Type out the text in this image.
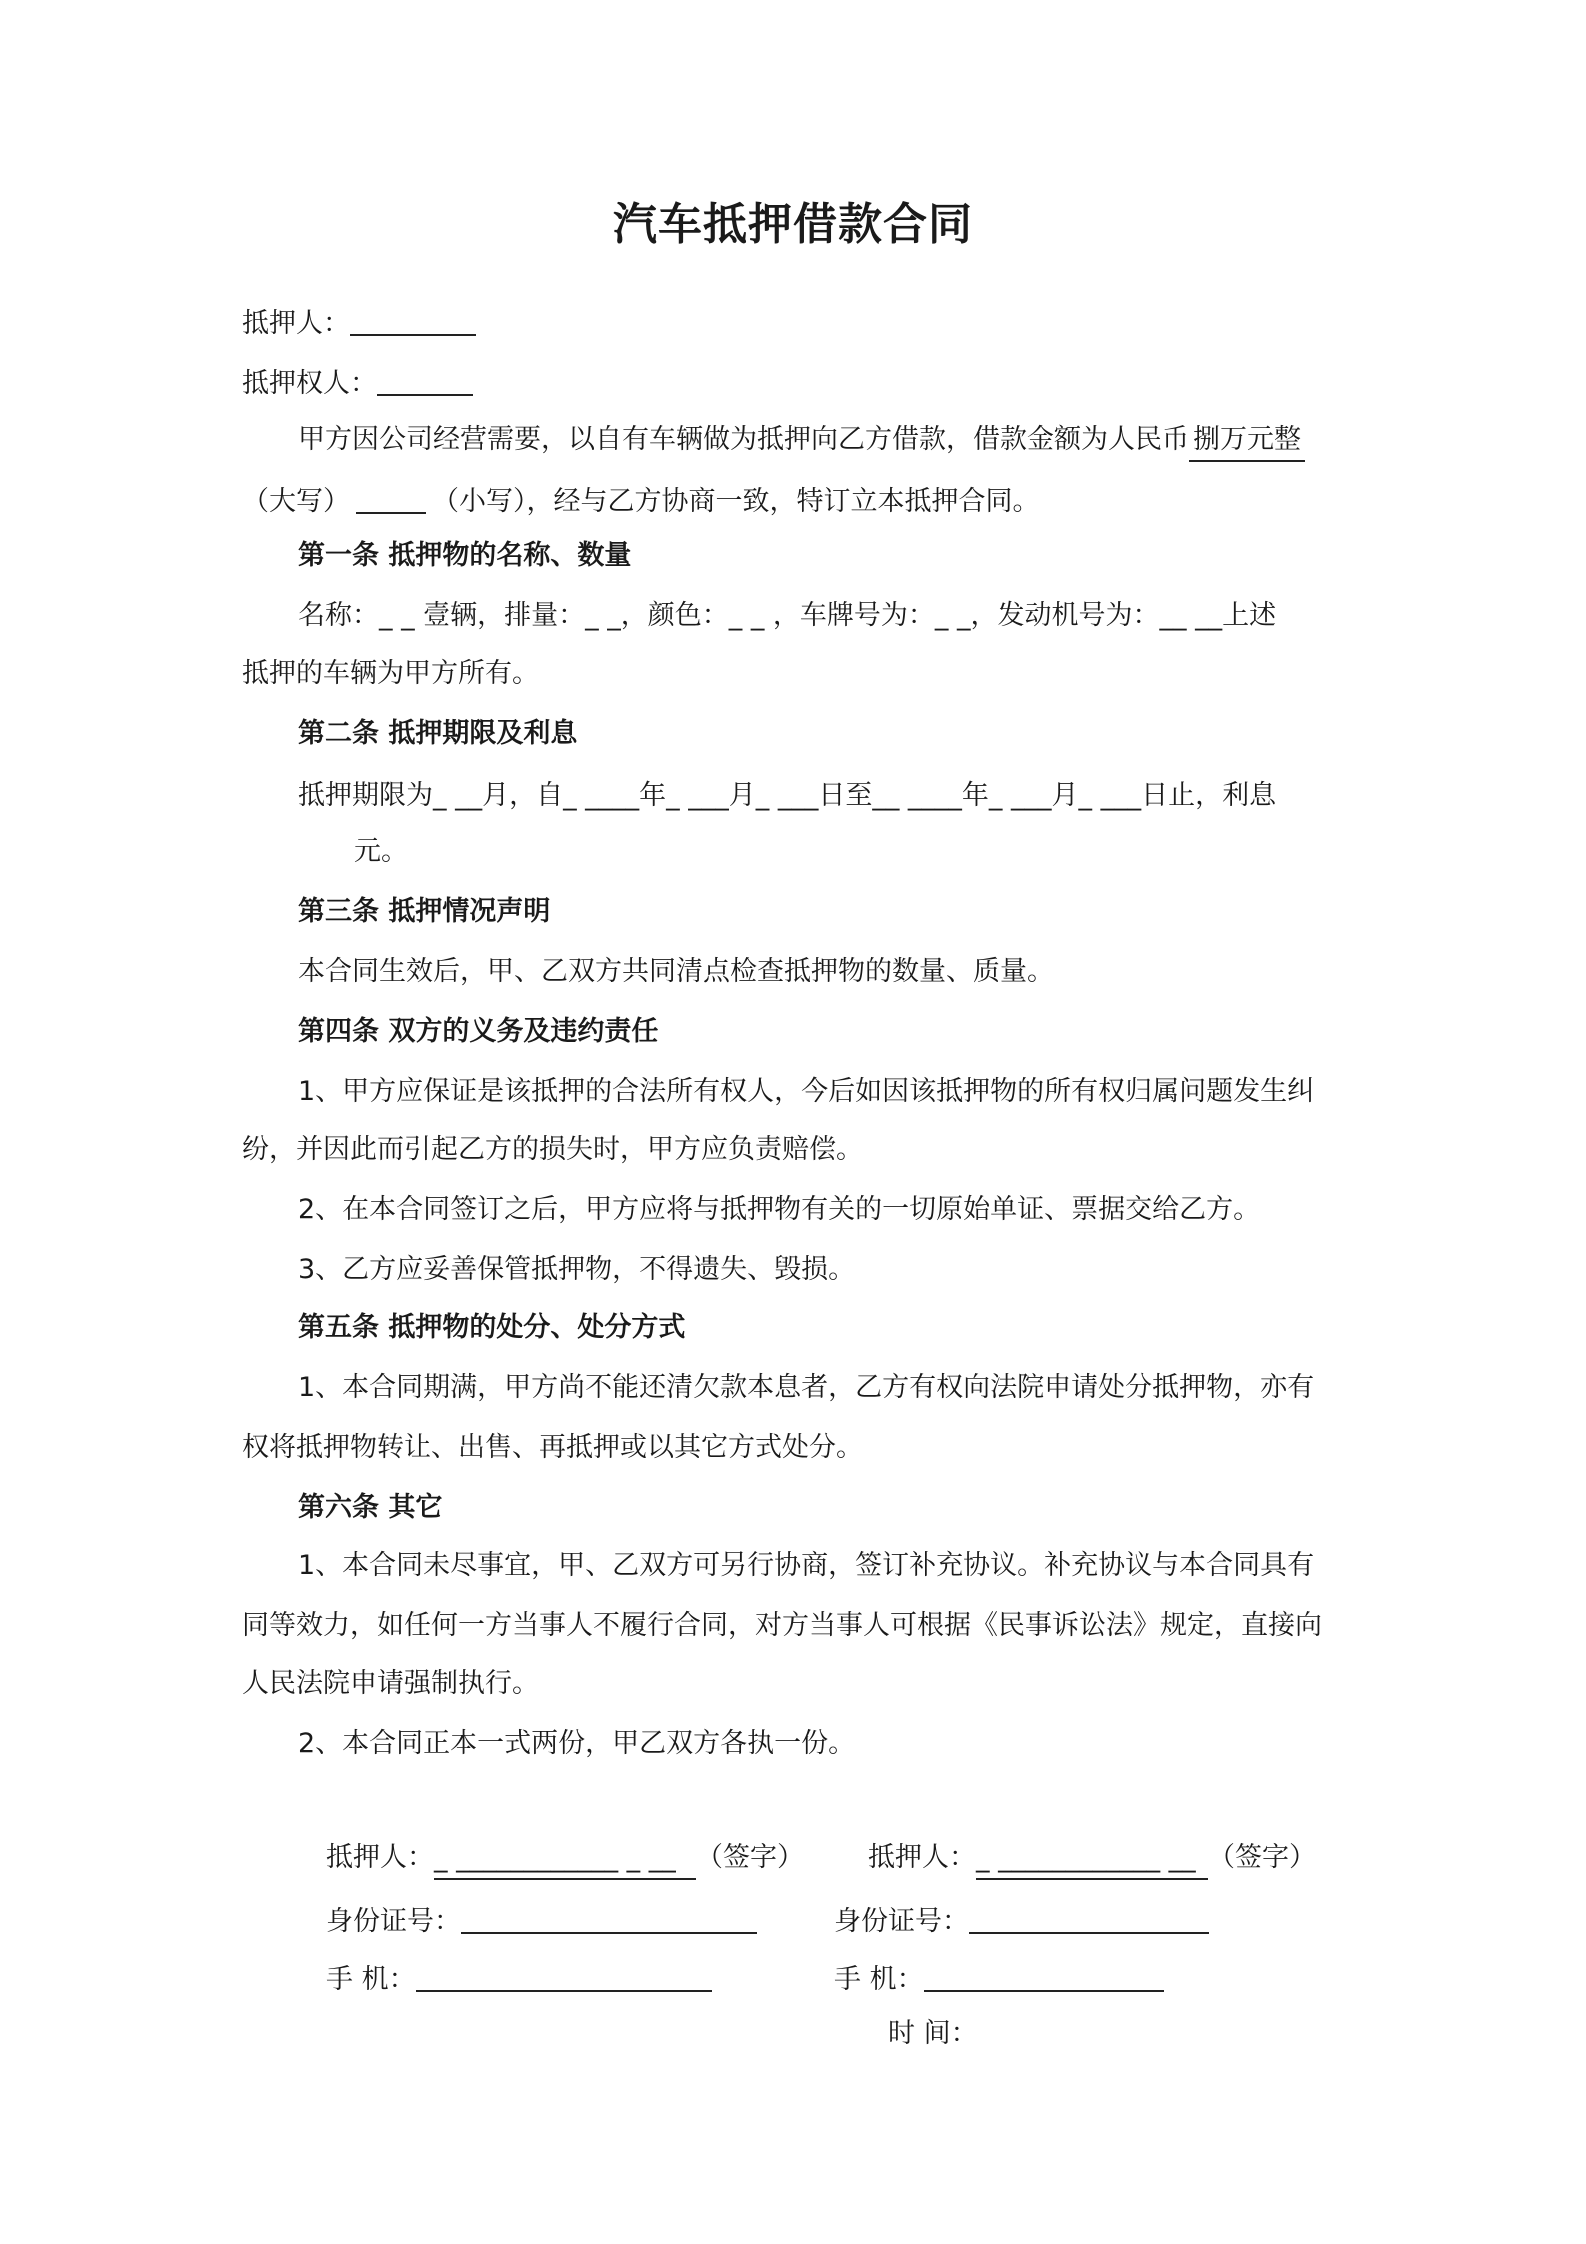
汽车抵押借款合同
抵押人：
抵押权人：
甲方因公司经营需要，以自有车辆做为抵押向乙方借款，借款金额为人民币 捌万元整
（大写）	（小写），经与乙方协商一致，特订立本抵押合同。
第一条 抵押物的名称、数量
名称：_ _ 壹辆，排量：_ _，颜色：_ _ ，车牌号为：_ _，发动机号为：__ __上述
抵押的车辆为甲方所有。
第二条 抵押期限及利息
抵押期限为_ __月，自_ ____年_ ___月_ ___日至__ ____年_ ___月_ ___日止，利息
元。
第三条 抵押情况声明
本合同生效后，甲、乙双方共同清点检查抵押物的数量、质量。
第四条 双方的义务及违约责任
1、甲方应保证是该抵押的合法所有权人，今后如因该抵押物的所有权归属问题发生纠
纷，并因此而引起乙方的损失时，甲方应负责赔偿。
2、在本合同签订之后，甲方应将与抵押物有关的一切原始单证、票据交给乙方。
3、乙方应妥善保管抵押物，不得遗失、毁损。
第五条 抵押物的处分、处分方式
1、本合同期满，甲方尚不能还清欠款本息者，乙方有权向法院申请处分抵押物，亦有
权将抵押物转让、出售、再抵押或以其它方式处分。
第六条 其它
1、本合同未尽事宜，甲、乙双方可另行协商，签订补充协议。补充协议与本合同具有
同等效力，如任何一方当事人不履行合同，对方当事人可根据《民事诉讼法》规定，直接向
人民法院申请强制执行。
2、本合同正本一式两份，甲乙双方各执一份。
抵押人：_ ____________ _ __ （签字）
身份证号：
手 机：
抵押人：_ ____________ __ （签字）
身份证号：
手 机：
时 间：
